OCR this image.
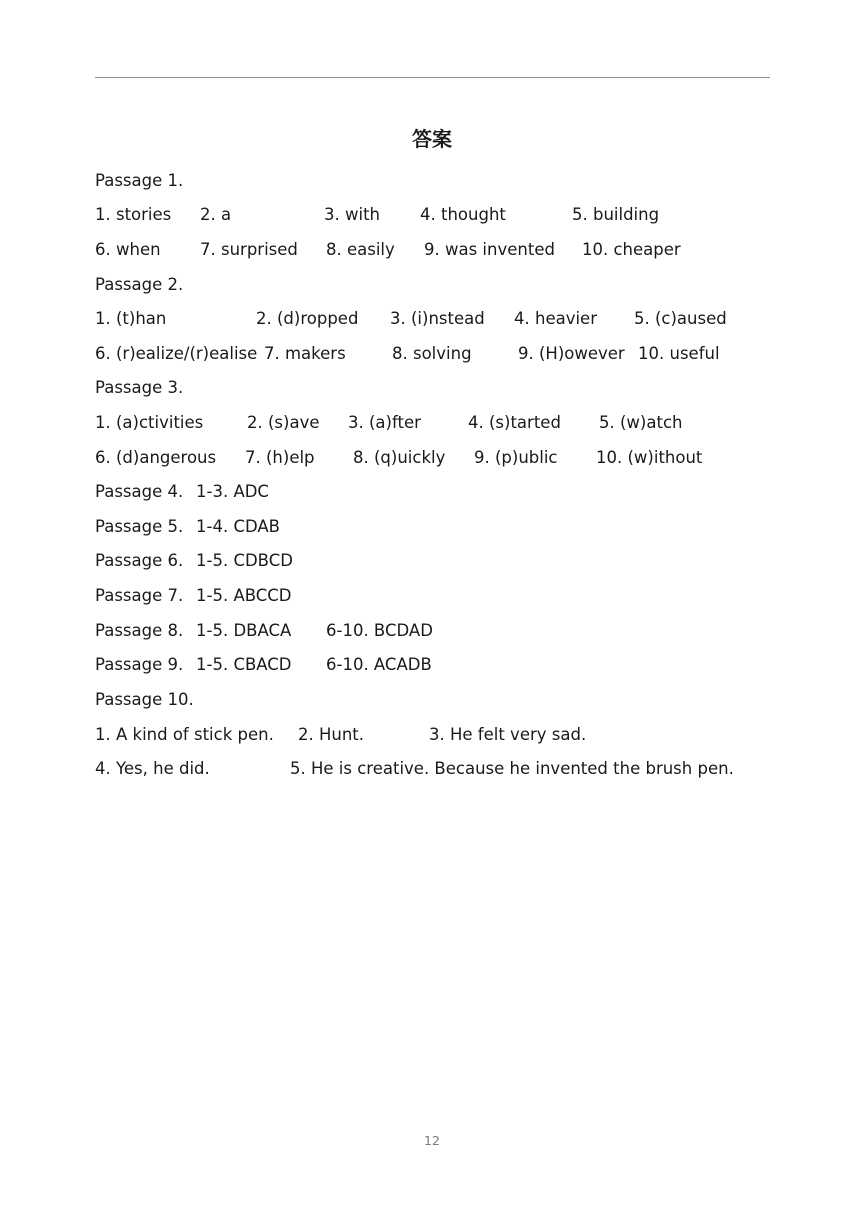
答案
Passage 1.
1. stories 2. a	3. with 4. thought	5. building
6. when 7. surprised 8. easily 9. was invented 10. cheaper
Passage 2.
1. (t)han	2. (d)ropped 3. (i)nstead 4. heavier 5. (c)aused
6. (r)ealize/(r)ealise 7. makers	8. solving	9. (H)owever 10. useful
Passage 3.
1. (a)ctivities	2. (s)ave 3. (a)fter	4. (s)tarted 5. (w)atch
6. (d)angerous 7. (h)elp 8. (q)uickly 9. (p)ublic 10. (w)ithout
Passage 4. 1-3. ADC
Passage 5. 1-4. CDAB
Passage 6. 1-5. CDBCD
Passage 7. 1-5. ABCCD
Passage 8. 1-5. DBACA 6-10. BCDAD
Passage 9. 1-5. CBACD 6-10. ACADB
Passage 10.
1. A kind of stick pen. 2. Hunt.	3. He felt very sad.
4. Yes, he did.	5. He is creative. Because he invented the brush pen.
12
